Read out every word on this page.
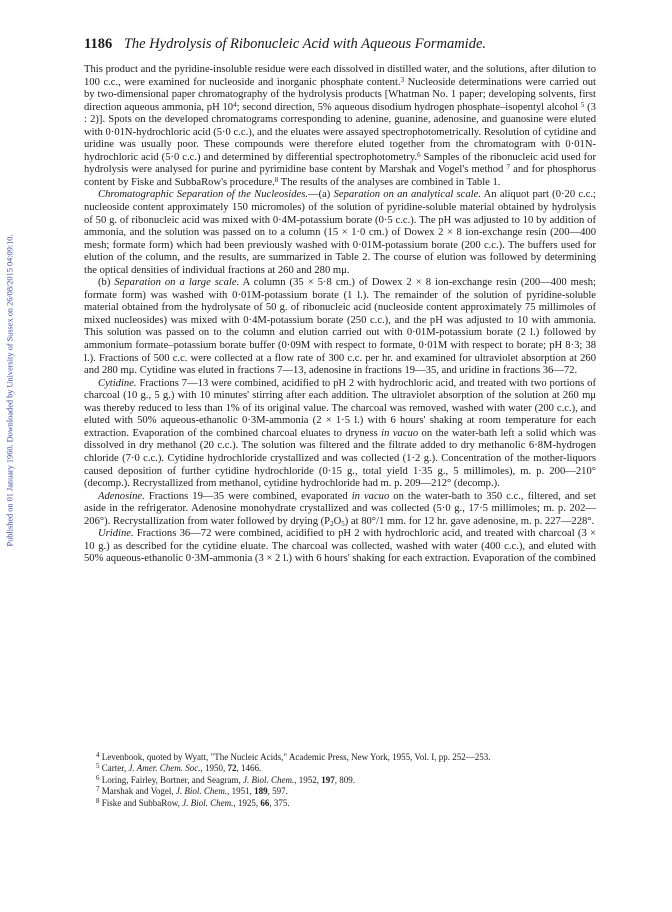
Published on 01 January 1960. Downloaded by University of Sussex on 26/08/2015 04:09:10.
1186 The Hydrolysis of Ribonucleic Acid with Aqueous Formamide.

This product and the pyridine-insoluble residue were each dissolved in distilled water, and the solutions, after dilution to 100 c.c., were examined for nucleoside and inorganic phosphate content.$^3$ Nucleoside determinations were carried out by two-dimensional paper chromatography of the hydrolysis products [Whatman No. 1 paper; developing solvents, first direction aqueous ammonia, pH $10^4$; second direction, 5% aqueous disodium hydrogen phosphate–isopentyl alcohol $^5$ (3 : 2)]. Spots on the developed chromatograms corresponding to adenine, guanine, adenosine, and guanosine were eluted with 0·01N-hydrochloric acid (5·0 c.c.), and the eluates were assayed spectrophotometrically. Resolution of cytidine and uridine was usually poor. These compounds were therefore eluted together from the chromatogram with 0·01N-hydrochloric acid (5·0 c.c.) and determined by differential spectrophotometry.$^6$ Samples of the ribonucleic acid used for hydrolysis were analysed for purine and pyrimidine base content by Marshak and Vogel's method $^7$ and for phosphorus content by Fiske and SubbaRow's procedure.$^8$ The results of the analyses are combined in Table 1.

Chromatographic Separation of the Nucleosides.—(a) Separation on an analytical scale. An aliquot part (0·20 c.c.; nucleoside content approximately 150 micromoles) of the solution of pyridine-soluble material obtained by hydrolysis of 50 g. of ribonucleic acid was mixed with 0·4M-potassium borate (0·5 c.c.). The pH was adjusted to 10 by addition of ammonia, and the solution was passed on to a column (15 × 1·0 cm.) of Dowex 2 × 8 ion-exchange resin (200—400 mesh; formate form) which had been previously washed with 0·01M-potassium borate (200 c.c.). The buffers used for elution of the column, and the results, are summarized in Table 2. The course of elution was followed by determining the optical densities of individual fractions at 260 and 280 mμ.

(b) Separation on a large scale. A column (35 × 5·8 cm.) of Dowex 2 × 8 ion-exchange resin (200—400 mesh; formate form) was washed with 0·01M-potassium borate (1 l.). The remainder of the solution of pyridine-soluble material obtained from the hydrolysate of 50 g. of ribonucleic acid (nucleoside content approximately 75 millimoles of mixed nucleosides) was mixed with 0·4M-potassium borate (250 c.c.), and the pH was adjusted to 10 with ammonia. This solution was passed on to the column and elution carried out with 0·01M-potassium borate (2 l.) followed by ammonium formate–potassium borate buffer (0·09M with respect to formate, 0·01M with respect to borate; pH 8·3; 38 l.). Fractions of 500 c.c. were collected at a flow rate of 300 c.c. per hr. and examined for ultraviolet absorption at 260 and 280 mμ. Cytidine was eluted in fractions 7—13, adenosine in fractions 19—35, and uridine in fractions 36—72.

Cytidine. Fractions 7—13 were combined, acidified to pH 2 with hydrochloric acid, and treated with two portions of charcoal (10 g., 5 g.) with 10 minutes' stirring after each addition. The ultraviolet absorption of the solution at 260 mμ was thereby reduced to less than 1% of its original value. The charcoal was removed, washed with water (200 c.c.), and eluted with 50% aqueous-ethanolic 0·3M-ammonia (2 × 1·5 l.) with 6 hours' shaking at room temperature for each extraction. Evaporation of the combined charcoal eluates to dryness in vacuo on the water-bath left a solid which was dissolved in dry methanol (20 c.c.). The solution was filtered and the filtrate added to dry methanolic 6·8M-hydrogen chloride (7·0 c.c.). Cytidine hydrochloride crystallized and was collected (1·2 g.). Concentration of the mother-liquors caused deposition of further cytidine hydrochloride (0·15 g., total yield 1·35 g., 5 millimoles), m. p. 200—210° (decomp.). Recrystallized from methanol, cytidine hydrochloride had m. p. 209—212° (decomp.).

Adenosine. Fractions 19—35 were combined, evaporated in vacuo on the water-bath to 350 c.c., filtered, and set aside in the refrigerator. Adenosine monohydrate crystallized and was collected (5·0 g., 17·5 millimoles; m. p. 202—206°). Recrystallization from water followed by drying $(P_2O_5)$ at 80°/1 mm. for 12 hr. gave adenosine, m. p. 227—228°.

Uridine. Fractions 36—72 were combined, acidified to pH 2 with hydrochloric acid, and treated with charcoal (3 × 10 g.) as described for the cytidine eluate. The charcoal was collected, washed with water (400 c.c.), and eluted with 50% aqueous-ethanolic 0·3M-ammonia (3 × 2 l.) with 6 hours' shaking for each extraction. Evaporation of the combined

$^4$ Levenbook, quoted by Wyatt, "The Nucleic Acids," Academic Press, New York, 1955, Vol. I, pp. 252—253.

$^5$ Carter, J. Amer. Chem. Soc., 1950, 72, 1466.

$^6$ Loring, Fairley, Bortner, and Seagram, J. Biol. Chem., 1952, 197, 809.

$^7$ Marshak and Vogel, J. Biol. Chem., 1951, 189, 597.

$^8$ Fiske and SubbaRow, J. Biol. Chem., 1925, 66, 375.
